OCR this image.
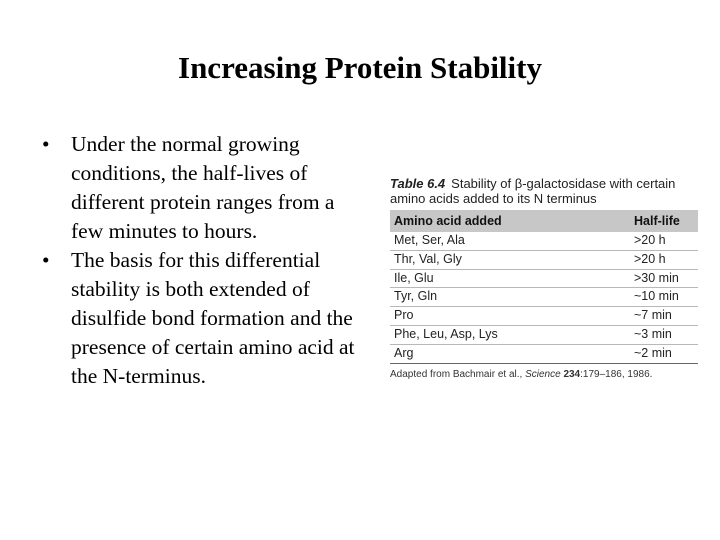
Increasing Protein Stability
• Under the normal growing conditions, the half-lives of different protein ranges from a few minutes to hours.
• The basis for this differential stability is both extended of disulfide bond formation and the presence of certain amino acid at the N-terminus.
Table 6.4 Stability of β-galactosidase with certain amino acids added to its N terminus
Amino acid added	Half-life
Met, Ser, Ala	>20 h
Thr, Val, Gly	>20 h
Ile, Glu	>30 min
Tyr, Gln	~10 min
Pro	~7 min
Phe, Leu, Asp, Lys	~3 min
Arg	~2 min
Adapted from Bachmair et al., Science 234:179–186, 1986.
